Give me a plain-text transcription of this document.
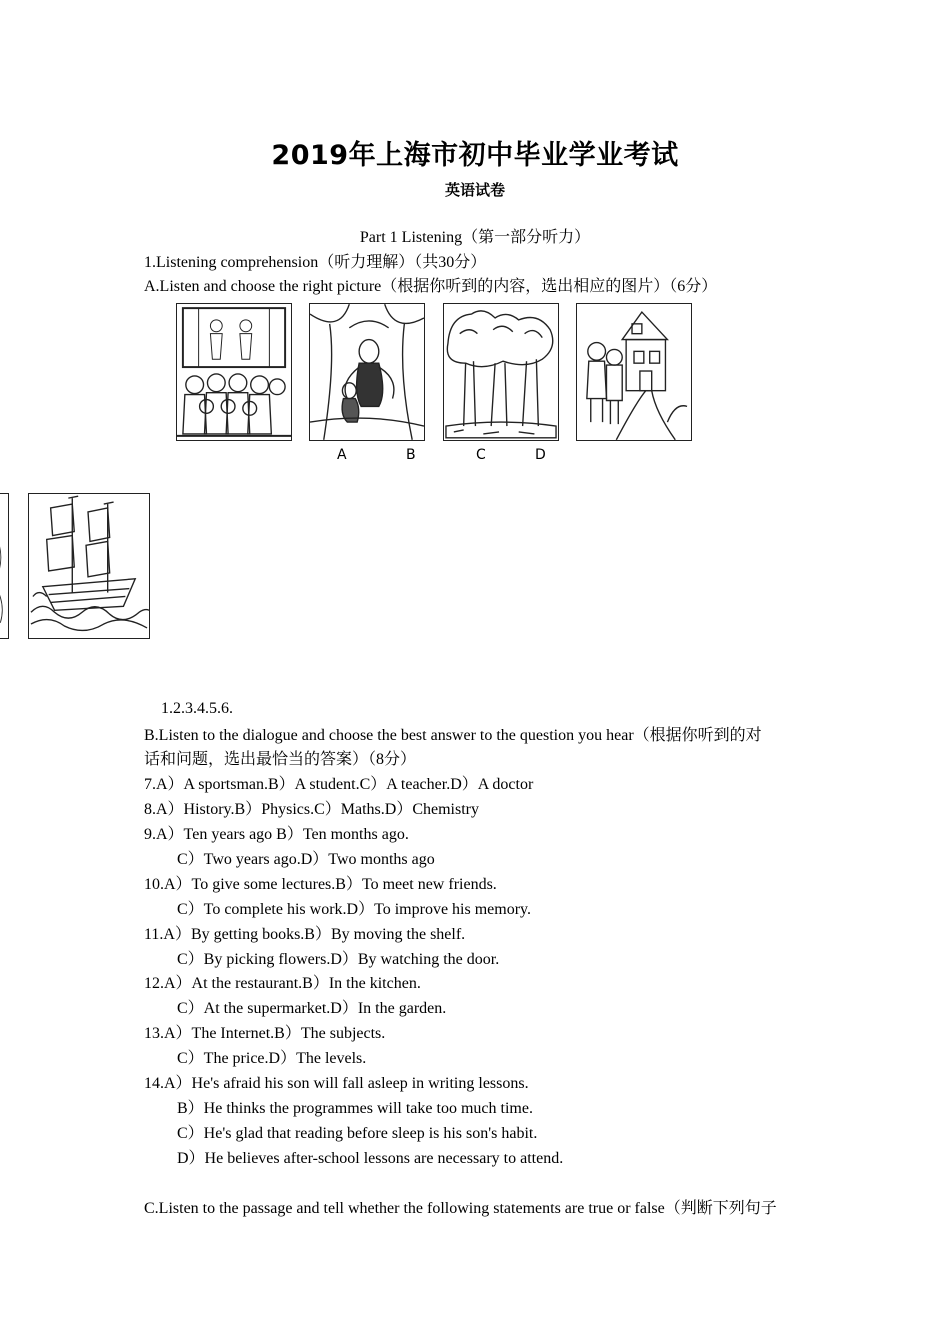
2019年上海市初中毕业学业考试
英语试卷
Part 1 Listening（第一部分听力）
1.Listening comprehension（听力理解）（共30分）
A.Listen and choose the right picture（根据你听到的内容，选出相应的图片）（6分）
A	B	C	D
1.2.3.4.5.6.
B.Listen to the dialogue and choose the best answer to the question you hear（根据你听到的对
话和问题，选出最恰当的答案）（8分）
7.A）A sportsman.B）A student.C）A teacher.D）A doctor
8.A）History.B）Physics.C）Maths.D）Chemistry
9.A）Ten years ago B）Ten months ago.
C）Two years ago.D）Two months ago
10.A）To give some lectures.B）To meet new friends.
C）To complete his work.D）To improve his memory.
11.A）By getting books.B）By moving the shelf.
C）By picking flowers.D）By watching the door.
12.A）At the restaurant.B）In the kitchen.
C）At the supermarket.D）In the garden.
13.A）The Internet.B）The subjects.
C）The price.D）The levels.
14.A）He's afraid his son will fall asleep in writing lessons.
B）He thinks the programmes will take too much time.
C）He's glad that reading before sleep is his son's habit.
D）He believes after-school lessons are necessary to attend.
C.Listen to the passage and tell whether the following statements are true or false（判断下列句子
